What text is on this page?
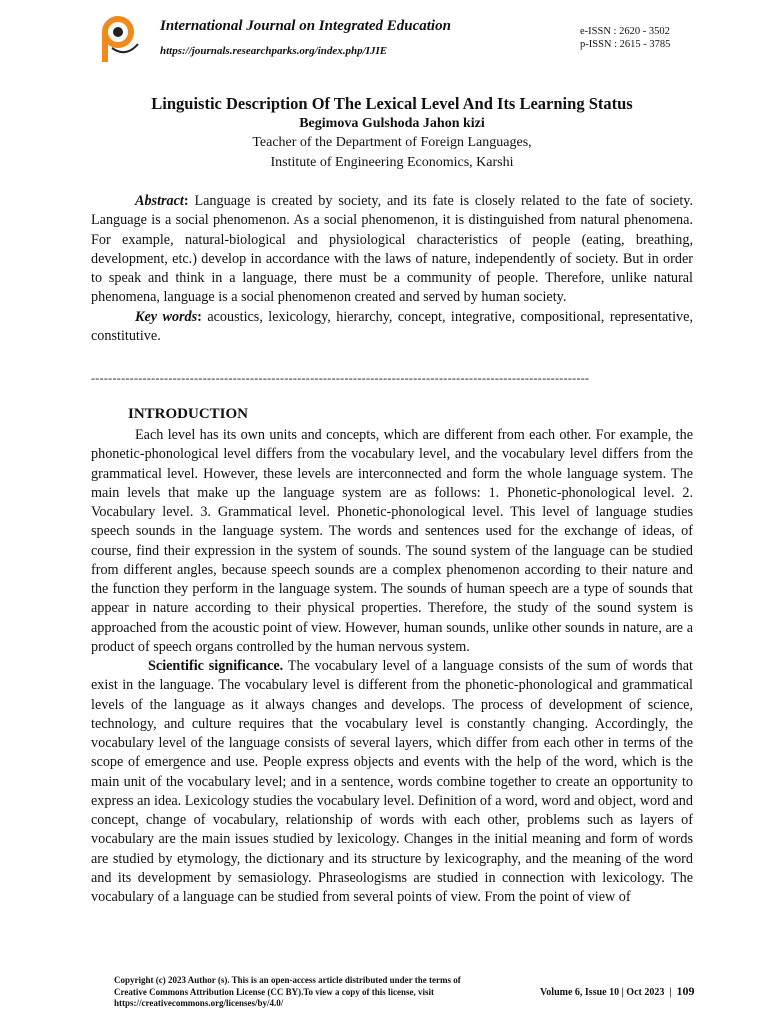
International Journal on Integrated Education
https://journals.researchparks.org/index.php/IJIE
e-ISSN : 2620 - 3502
p-ISSN : 2615 - 3785
Linguistic Description Of The Lexical Level And Its Learning Status
Begimova Gulshoda Jahon kizi
Teacher of the Department of Foreign Languages,
Institute of Engineering Economics, Karshi

Abstract: Language is created by society, and its fate is closely related to the fate of society. Language is a social phenomenon. As a social phenomenon, it is distinguished from natural phenomena. For example, natural-biological and physiological characteristics of people (eating, breathing, development, etc.) develop in accordance with the laws of nature, independently of society. But in order to speak and think in a language, there must be a community of people. Therefore, unlike natural phenomena, language is a social phenomenon created and served by human society.

Key words: acoustics, lexicology, hierarchy, concept, integrative, compositional, representative, constitutive.

--------------------------------------------------------------------------------------------------------------------
INTRODUCTION

Each level has its own units and concepts, which are different from each other. For example, the phonetic-phonological level differs from the vocabulary level, and the vocabulary level differs from the grammatical level. However, these levels are interconnected and form the whole language system. The main levels that make up the language system are as follows: 1. Phonetic-phonological level. 2. Vocabulary level. 3. Grammatical level. Phonetic-phonological level. This level of language studies speech sounds in the language system. The words and sentences used for the exchange of ideas, of course, find their expression in the system of sounds. The sound system of the language can be studied from different angles, because speech sounds are a complex phenomenon according to their nature and the function they perform in the language system. The sounds of human speech are a type of sounds that appear in nature according to their physical properties. Therefore, the study of the sound system is approached from the acoustic point of view. However, human sounds, unlike other sounds in nature, are a product of speech organs controlled by the human nervous system.

Scientific significance. The vocabulary level of a language consists of the sum of words that exist in the language. The vocabulary level is different from the phonetic-phonological and grammatical levels of the language as it always changes and develops. The process of development of science, technology, and culture requires that the vocabulary level is constantly changing. Accordingly, the vocabulary level of the language consists of several layers, which differ from each other in terms of the scope of emergence and use. People express objects and events with the help of the word, which is the main unit of the vocabulary level; and in a sentence, words combine together to create an opportunity to express an idea. Lexicology studies the vocabulary level. Definition of a word, word and object, word and concept, change of vocabulary, relationship of words with each other, problems such as layers of vocabulary are the main issues studied by lexicology. Changes in the initial meaning and form of words are studied by etymology, the dictionary and its structure by lexicography, and the meaning of the word and its development by semasiology. Phraseologisms are studied in connection with lexicology. The vocabulary of a language can be studied from several points of view. From the point of view of

Copyright (c) 2023 Author (s). This is an open-access article distributed under the terms of Creative Commons Attribution License (CC BY).To view a copy of this license, visit https://creativecommons.org/licenses/by/4.0/
Volume 6, Issue 10 | Oct 2023 | 109
